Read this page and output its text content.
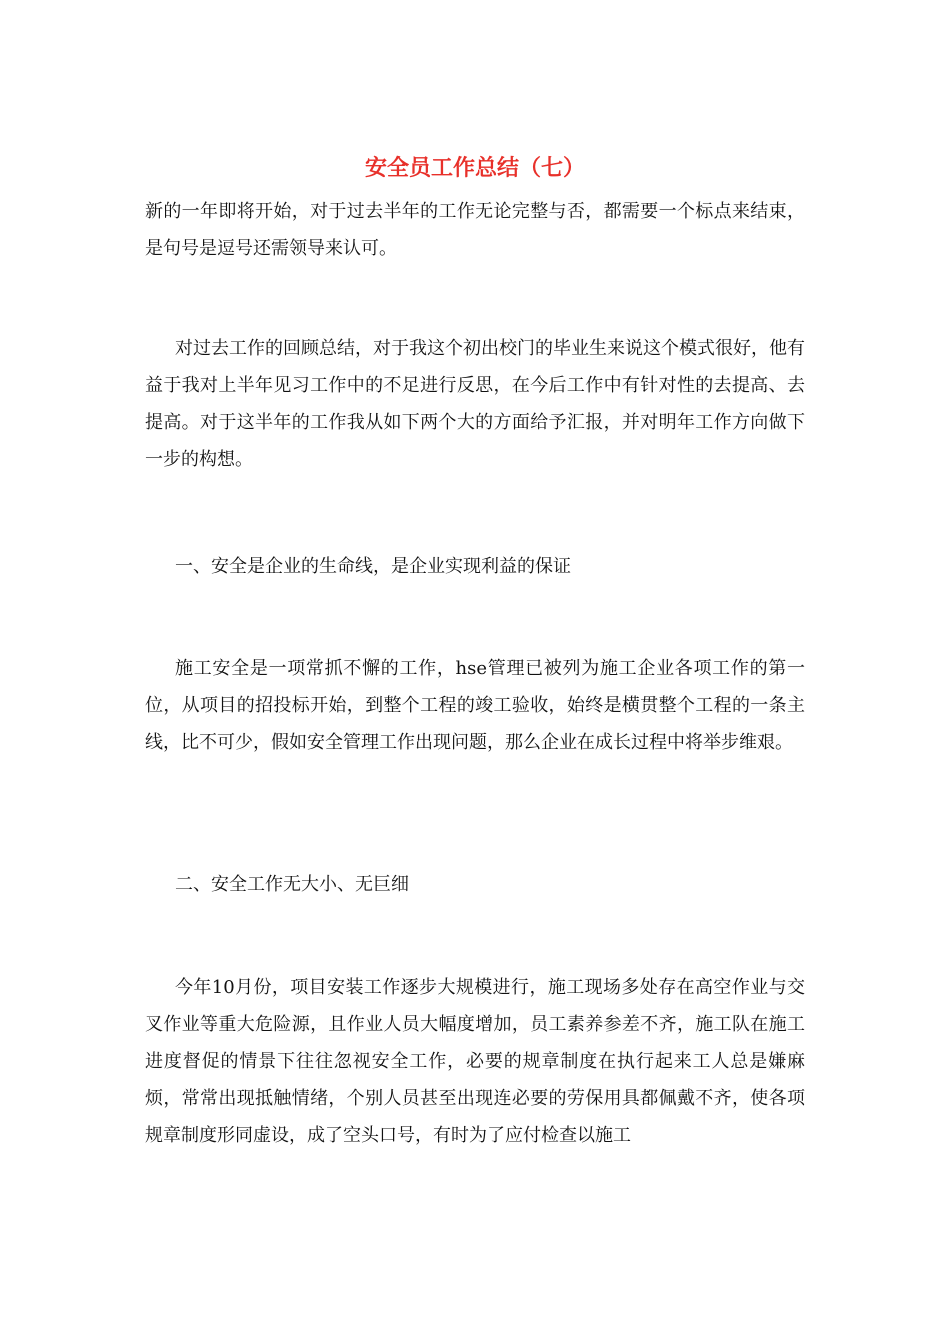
安全员工作总结（七）

新的一年即将开始，对于过去半年的工作无论完整与否，都需要一个标点来结束，是句号是逗号还需领导来认可。

对过去工作的回顾总结，对于我这个初出校门的毕业生来说这个模式很好，他有益于我对上半年见习工作中的不足进行反思，在今后工作中有针对性的去提高、去提高。对于这半年的工作我从如下两个大的方面给予汇报，并对明年工作方向做下一步的构想。

一、安全是企业的生命线，是企业实现利益的保证

施工安全是一项常抓不懈的工作，hse管理已被列为施工企业各项工作的第一位，从项目的招投标开始，到整个工程的竣工验收，始终是横贯整个工程的一条主线，比不可少，假如安全管理工作出现问题，那么企业在成长过程中将举步维艰。

二、安全工作无大小、无巨细

今年10月份，项目安装工作逐步大规模进行，施工现场多处存在高空作业与交叉作业等重大危险源，且作业人员大幅度增加，员工素养参差不齐，施工队在施工进度督促的情景下往往忽视安全工作，必要的规章制度在执行起来工人总是嫌麻烦，常常出现抵触情绪，个别人员甚至出现连必要的劳保用具都佩戴不齐，使各项规章制度形同虚设，成了空头口号，有时为了应付检查以施工
